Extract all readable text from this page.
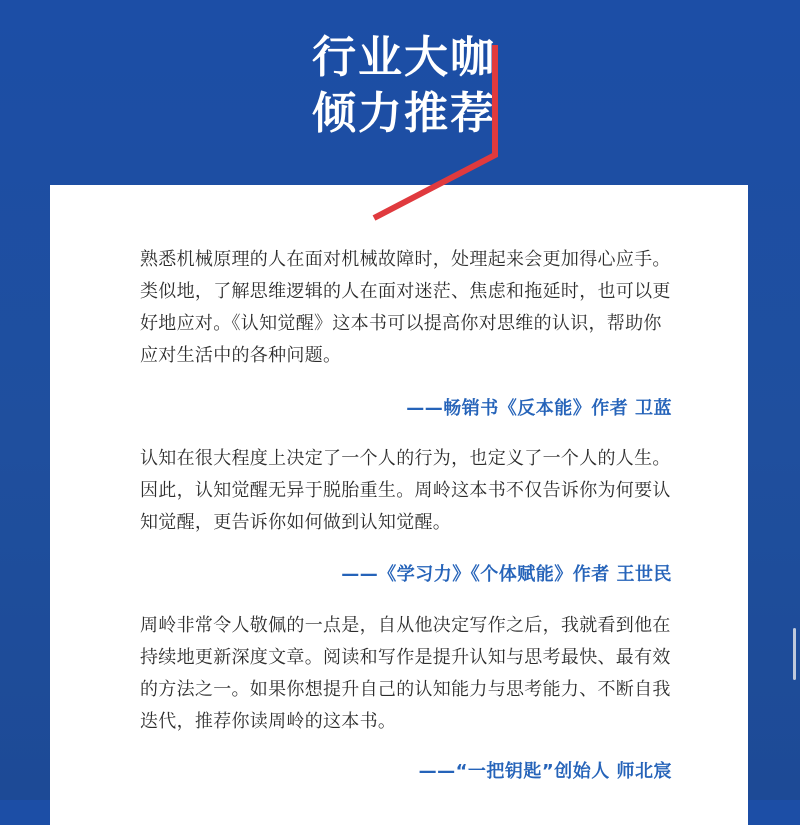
行业大咖
倾力推荐

熟悉机械原理的人在面对机械故障时，处理起来会更加得心应手。类似地，了解思维逻辑的人在面对迷茫、焦虑和拖延时，也可以更好地应对。《认知觉醒》这本书可以提高你对思维的认识，帮助你应对生活中的各种问题。

——畅销书《反本能》作者 卫蓝

认知在很大程度上决定了一个人的行为，也定义了一个人的人生。因此，认知觉醒无异于脱胎重生。周岭这本书不仅告诉你为何要认知觉醒，更告诉你如何做到认知觉醒。

——《学习力》《个体赋能》作者 王世民

周岭非常令人敬佩的一点是，自从他决定写作之后，我就看到他在持续地更新深度文章。阅读和写作是提升认知与思考最快、最有效的方法之一。如果你想提升自己的认知能力与思考能力、不断自我迭代，推荐你读周岭的这本书。

——“一把钥匙”创始人 师北宸
